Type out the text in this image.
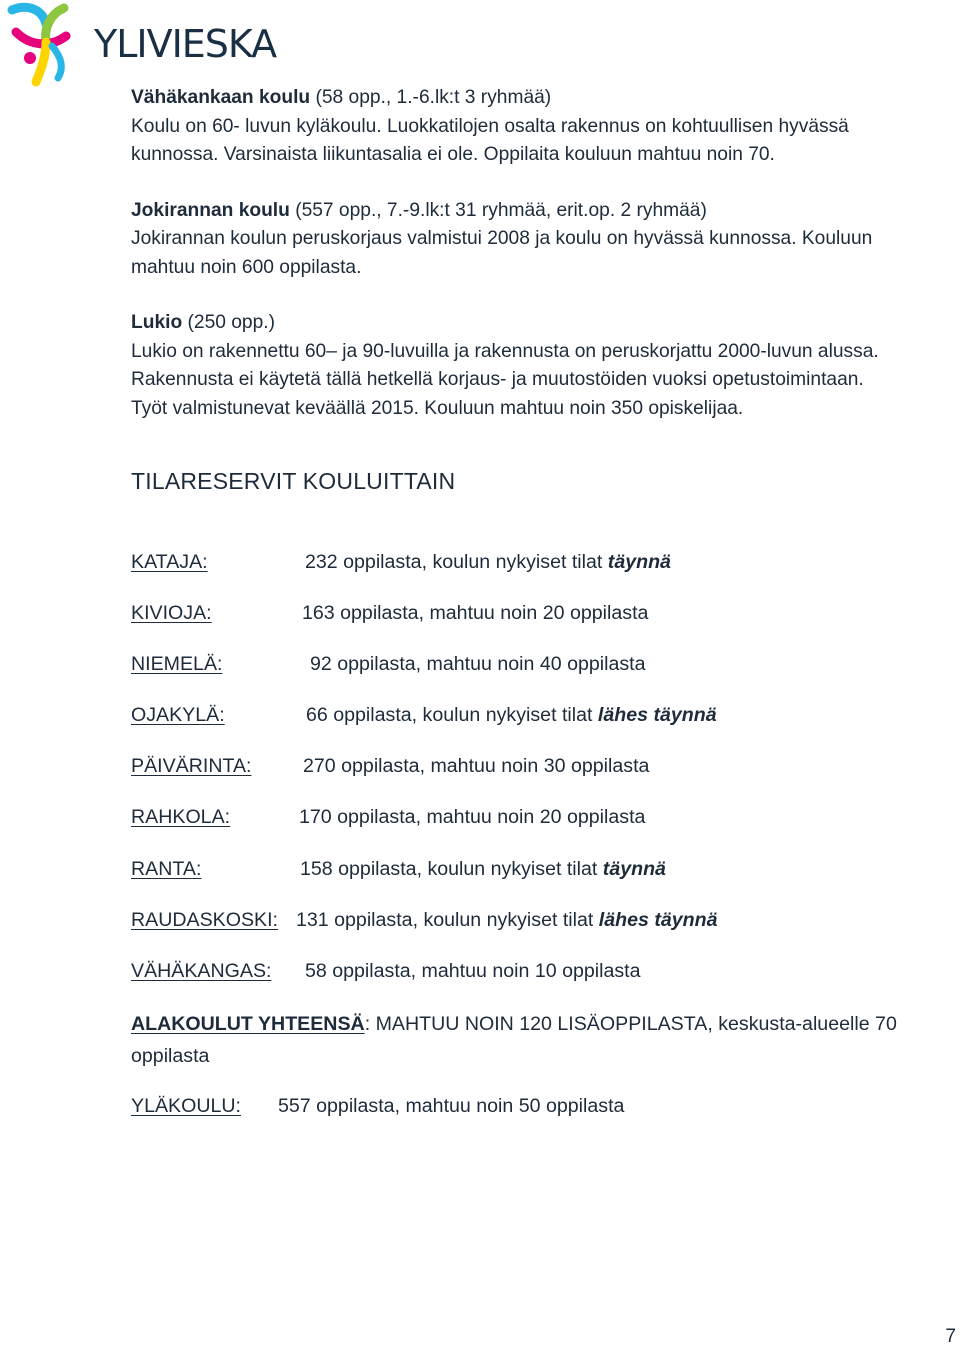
YLIVIESKA

Vähäkankaan koulu (58 opp., 1.-6.lk:t 3 ryhmää)

Koulu on 60- luvun kyläkoulu. Luokkatilojen osalta rakennus on kohtuullisen hyvässä

kunnossa. Varsinaista liikuntasalia ei ole. Oppilaita kouluun mahtuu noin 70.

Jokirannan koulu (557 opp., 7.-9.lk:t 31 ryhmää, erit.op. 2 ryhmää)

Jokirannan koulun peruskorjaus valmistui 2008 ja koulu on hyvässä kunnossa. Kouluun

mahtuu noin 600 oppilasta.

Lukio (250 opp.)

Lukio on rakennettu 60– ja 90-luvuilla ja rakennusta on peruskorjattu 2000-luvun alussa.

Rakennusta ei käytetä tällä hetkellä korjaus- ja muutostöiden vuoksi opetustoimintaan.

Työt valmistunevat keväällä 2015. Kouluun mahtuu noin 350 opiskelijaa.

TILARESERVIT KOULUITTAIN
KATAJA:	232 oppilasta, koulun nykyiset tilat täynnä
KIVIOJA:	163 oppilasta, mahtuu noin 20 oppilasta
NIEMELÄ:	92 oppilasta, mahtuu noin 40 oppilasta
OJAKYLÄ:	66 oppilasta, koulun nykyiset tilat lähes täynnä
PÄIVÄRINTA:	270 oppilasta, mahtuu noin 30 oppilasta
RAHKOLA:	170 oppilasta, mahtuu noin 20 oppilasta
RANTA:	158 oppilasta, koulun nykyiset tilat täynnä
RAUDASKOSKI: 131 oppilasta, koulun nykyiset tilat lähes täynnä
VÄHÄKANGAS: 58 oppilasta, mahtuu noin 10 oppilasta
ALAKOULUT YHTEENSÄ: MAHTUU NOIN 120 LISÄOPPILASTA, keskusta-alueelle 70 oppilasta
YLÄKOULU: 557 oppilasta, mahtuu noin 50 oppilasta
7
